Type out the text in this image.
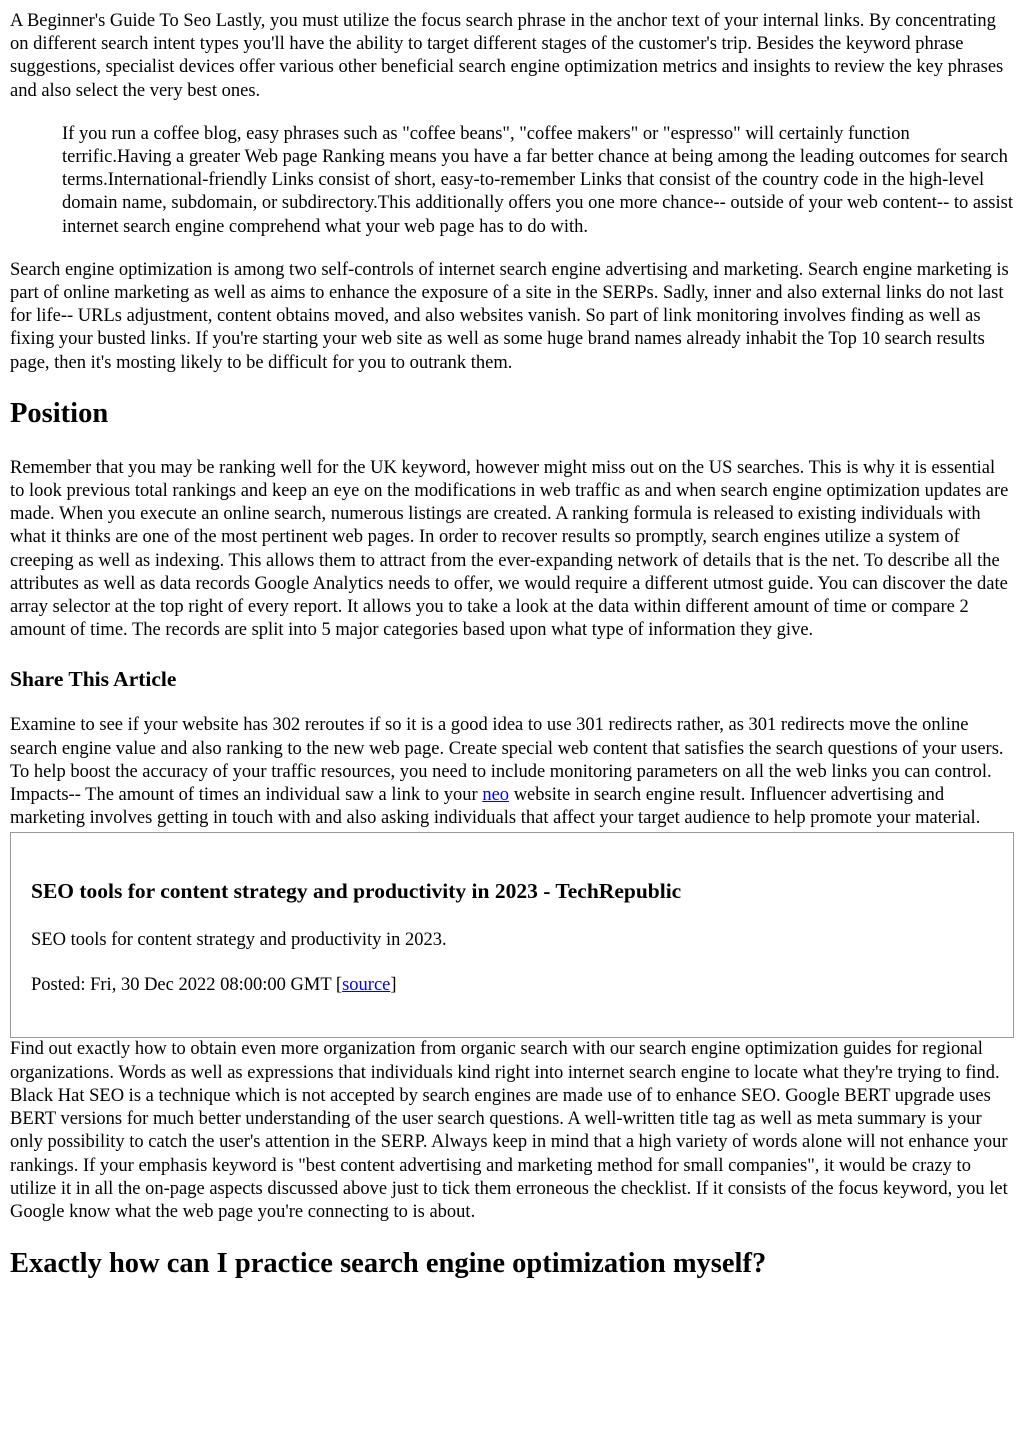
A Beginner's Guide To Seo Lastly, you must utilize the focus search phrase in the anchor text of your internal links. By concentrating on different search intent types you'll have the ability to target different stages of the customer's trip. Besides the keyword phrase suggestions, specialist devices offer various other beneficial search engine optimization metrics and insights to review the key phrases and also select the very best ones.

If you run a coffee blog, easy phrases such as "coffee beans", "coffee makers" or "espresso" will certainly function terrific.Having a greater Web page Ranking means you have a far better chance at being among the leading outcomes for search terms.International-friendly Links consist of short, easy-to-remember Links that consist of the country code in the high-level domain name, subdomain, or subdirectory.This additionally offers you one more chance-- outside of your web content-- to assist internet search engine comprehend what your web page has to do with.

Search engine optimization is among two self-controls of internet search engine advertising and marketing. Search engine marketing is part of online marketing as well as aims to enhance the exposure of a site in the SERPs. Sadly, inner and also external links do not last for life-- URLs adjustment, content obtains moved, and also websites vanish. So part of link monitoring involves finding as well as fixing your busted links. If you're starting your web site as well as some huge brand names already inhabit the Top 10 search results page, then it's mosting likely to be difficult for you to outrank them.

Position

Remember that you may be ranking well for the UK keyword, however might miss out on the US searches. This is why it is essential to look previous total rankings and keep an eye on the modifications in web traffic as and when search engine optimization updates are made. When you execute an online search, numerous listings are created. A ranking formula is released to existing individuals with what it thinks are one of the most pertinent web pages. In order to recover results so promptly, search engines utilize a system of creeping as well as indexing. This allows them to attract from the ever-expanding network of details that is the net. To describe all the attributes as well as data records Google Analytics needs to offer, we would require a different utmost guide. You can discover the date array selector at the top right of every report. It allows you to take a look at the data within different amount of time or compare 2 amount of time. The records are split into 5 major categories based upon what type of information they give.

Share This Article

Examine to see if your website has 302 reroutes if so it is a good idea to use 301 redirects rather, as 301 redirects move the online search engine value and also ranking to the new web page. Create special web content that satisfies the search questions of your users. To help boost the accuracy of your traffic resources, you need to include monitoring parameters on all the web links you can control. Impacts-- The amount of times an individual saw a link to your neo website in search engine result. Influencer advertising and marketing involves getting in touch with and also asking individuals that affect your target audience to help promote your material.

SEO tools for content strategy and productivity in 2023 - TechRepublic

SEO tools for content strategy and productivity in 2023.

Posted: Fri, 30 Dec 2022 08:00:00 GMT [source]

Find out exactly how to obtain even more organization from organic search with our search engine optimization guides for regional organizations. Words as well as expressions that individuals kind right into internet search engine to locate what they're trying to find. Black Hat SEO is a technique which is not accepted by search engines are made use of to enhance SEO. Google BERT upgrade uses BERT versions for much better understanding of the user search questions. A well-written title tag as well as meta summary is your only possibility to catch the user's attention in the SERP. Always keep in mind that a high variety of words alone will not enhance your rankings. If your emphasis keyword is "best content advertising and marketing method for small companies", it would be crazy to utilize it in all the on-page aspects discussed above just to tick them erroneous the checklist. If it consists of the focus keyword, you let Google know what the web page you're connecting to is about.

Exactly how can I practice search engine optimization myself?
